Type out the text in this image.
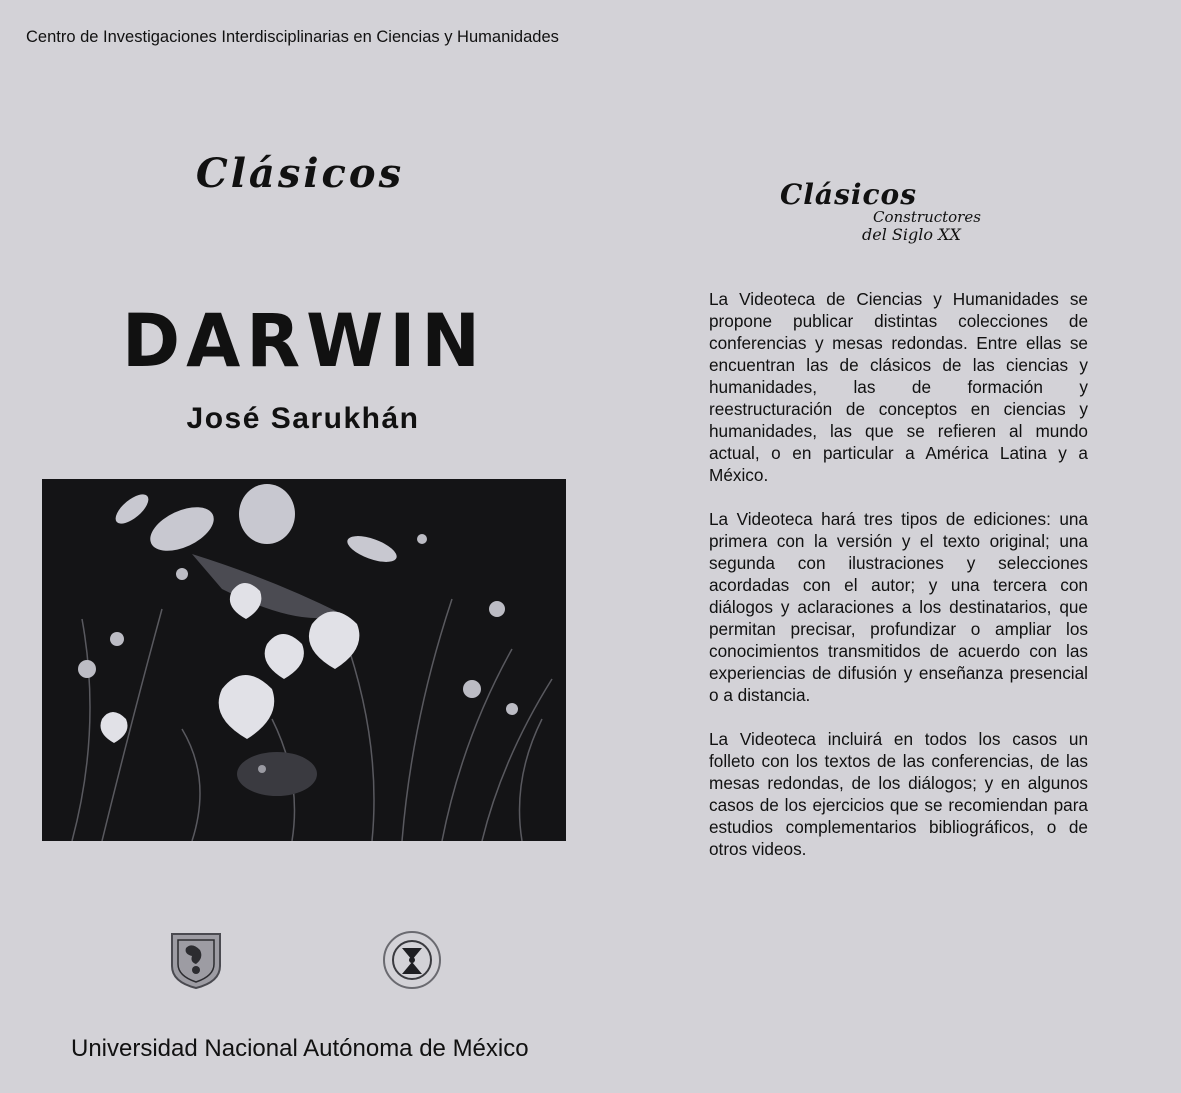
Centro de Investigaciones Interdisciplinarias en Ciencias y Humanidades
Clásicos
DARWIN
José Sarukhán
Universidad Nacional Autónoma de México
Clásicos
Constructores
del Siglo XX

La Videoteca de Ciencias y Humanidades se propone publicar distintas colecciones de conferencias y mesas redondas. Entre ellas se encuentran las de clásicos de las ciencias y humanidades, las de formación y reestructuración de conceptos en ciencias y humanidades, las que se refieren al mundo actual, o en particular a América Latina y a México.

La Videoteca hará tres tipos de ediciones: una primera con la versión y el texto original; una segunda con ilustraciones y selecciones acordadas con el autor; y una tercera con diálogos y aclaraciones a los destinatarios, que permitan precisar, profundizar o ampliar los conocimientos transmitidos de acuerdo con las experiencias de difusión y enseñanza presencial o a distancia.

La Videoteca incluirá en todos los casos un folleto con los textos de las conferencias, de las mesas redondas, de los diálogos; y en algunos casos de los ejercicios que se recomiendan para estudios complementarios bibliográficos, o de otros videos.
